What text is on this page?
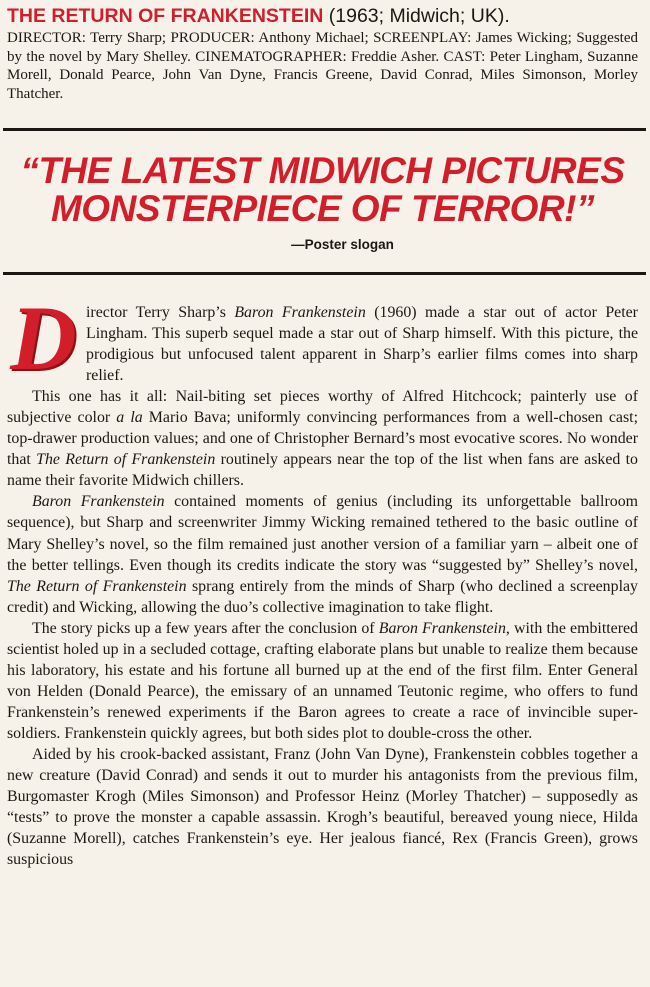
THE RETURN OF FRANKENSTEIN (1963; Midwich; UK).
DIRECTOR: Terry Sharp; PRODUCER: Anthony Michael; SCREENPLAY: James Wicking; Suggested by the novel by Mary Shelley. CINEMATOGRAPHER: Freddie Asher. CAST: Peter Lingham, Suzanne Morell, Donald Pearce, John Van Dyne, Francis Greene, David Conrad, Miles Simonson, Morley Thatcher.
“THE LATEST MIDWICH PICTURES
MONSTERPIECE OF TERROR!”
—Poster slogan

Director Terry Sharp’s Baron Frankenstein (1960) made a star out of actor Peter Lingham. This superb sequel made a star out of Sharp himself. With this picture, the prodigious but unfocused talent apparent in Sharp’s earlier films comes into sharp relief.

This one has it all: Nail-biting set pieces worthy of Alfred Hitchcock; painterly use of subjective color a la Mario Bava; uniformly convincing performances from a well-chosen cast; top-drawer production values; and one of Christopher Bernard’s most evocative scores. No wonder that The Return of Frankenstein routinely appears near the top of the list when fans are asked to name their favorite Midwich chillers.

Baron Frankenstein contained moments of genius (including its unforgettable ballroom sequence), but Sharp and screenwriter Jimmy Wicking remained tethered to the basic outline of Mary Shelley’s novel, so the film remained just another version of a familiar yarn – albeit one of the better tellings. Even though its credits indicate the story was “suggested by” Shelley’s novel, The Return of Frankenstein sprang entirely from the minds of Sharp (who declined a screenplay credit) and Wicking, allowing the duo’s collective imagination to take flight.

The story picks up a few years after the conclusion of Baron Frankenstein, with the embittered scientist holed up in a secluded cottage, crafting elaborate plans but unable to realize them because his laboratory, his estate and his fortune all burned up at the end of the first film. Enter General von Helden (Donald Pearce), the emissary of an unnamed Teutonic regime, who offers to fund Frankenstein’s renewed experiments if the Baron agrees to create a race of invincible super-soldiers. Frankenstein quickly agrees, but both sides plot to double-cross the other.

Aided by his crook-backed assistant, Franz (John Van Dyne), Frankenstein cobbles together a new creature (David Conrad) and sends it out to murder his antagonists from the previous film, Burgomaster Krogh (Miles Simonson) and Professor Heinz (Morley Thatcher) – supposedly as “tests” to prove the monster a capable assassin. Krogh’s beautiful, bereaved young niece, Hilda (Suzanne Morell), catches Frankenstein’s eye. Her jealous fiancé, Rex (Francis Green), grows suspicious
